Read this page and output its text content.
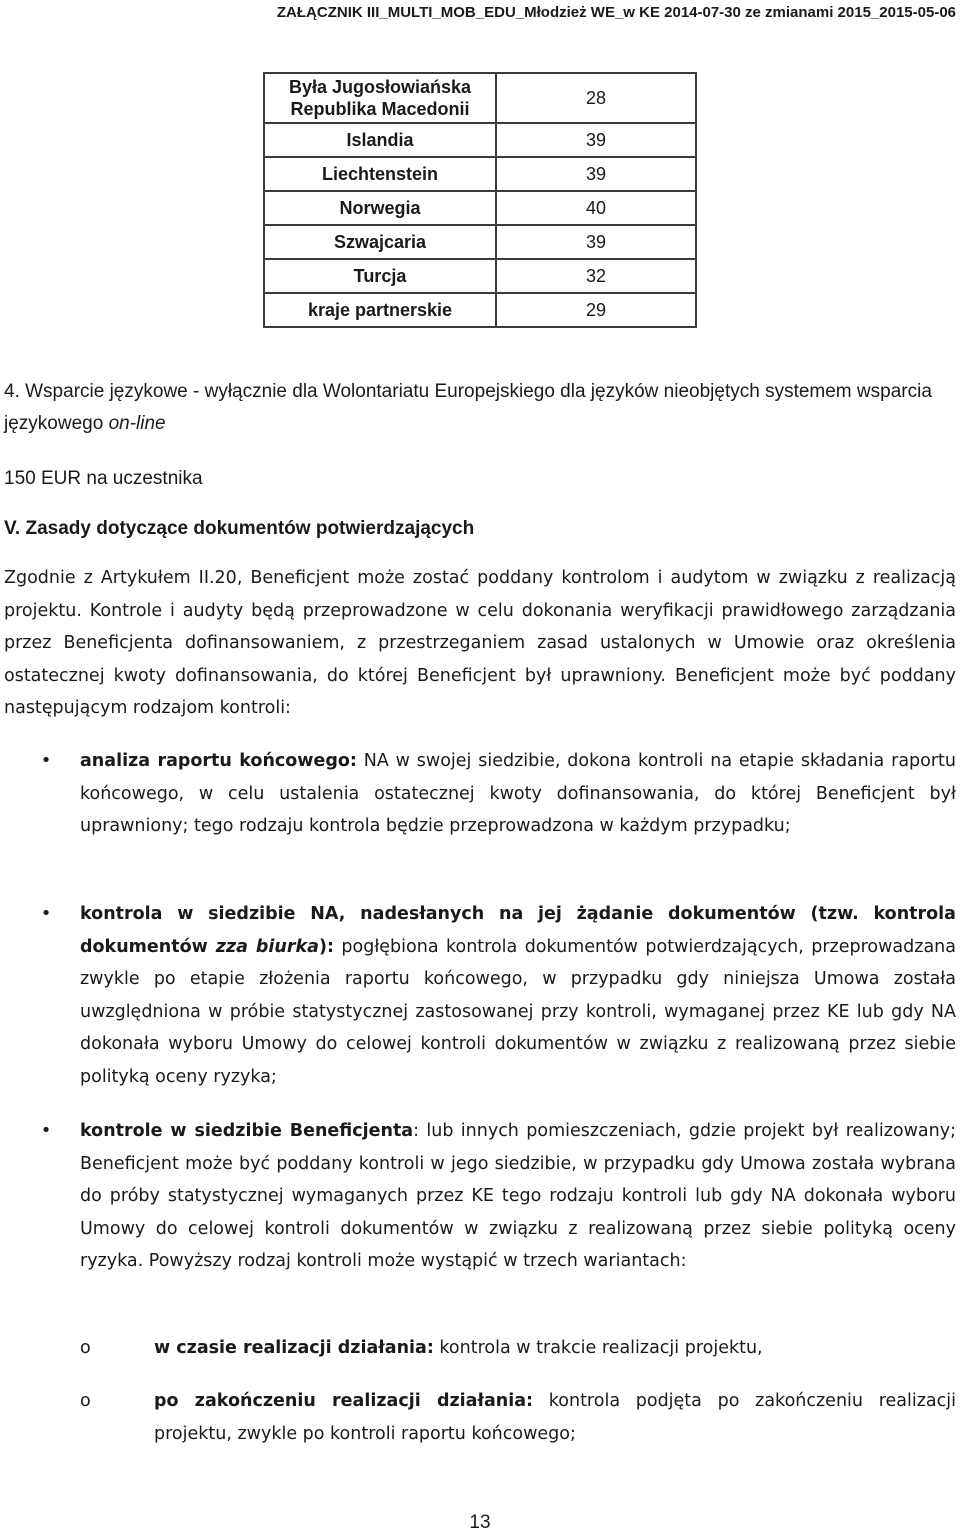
ZAŁĄCZNIK III_MULTI_MOB_EDU_Młodzież WE_w KE 2014-07-30 ze zmianami 2015_2015-05-06
Była Jugosłowiańska Republika Macedonii	28
Islandia	39
Liechtenstein	39
Norwegia	40
Szwajcaria	39
Turcja	32
kraje partnerskie	29
4. Wsparcie językowe - wyłącznie dla Wolontariatu Europejskiego dla języków nieobjętych systemem wsparcia językowego on-line
150 EUR na uczestnika
V. Zasady dotyczące dokumentów potwierdzających
Zgodnie z Artykułem II.20, Beneficjent może zostać poddany kontrolom i audytom w związku z realizacją projektu. Kontrole i audyty będą przeprowadzone w celu dokonania weryfikacji prawidłowego zarządzania przez Beneficjenta dofinansowaniem, z przestrzeganiem zasad ustalonych w Umowie oraz określenia ostatecznej kwoty dofinansowania, do której Beneficjent był uprawniony. Beneficjent może być poddany następującym rodzajom kontroli:
• analiza raportu końcowego: NA w swojej siedzibie, dokona kontroli na etapie składania raportu końcowego, w celu ustalenia ostatecznej kwoty dofinansowania, do której Beneficjent był uprawniony; tego rodzaju kontrola będzie przeprowadzona w każdym przypadku;
• kontrola w siedzibie NA, nadesłanych na jej żądanie dokumentów (tzw. kontrola dokumentów zza biurka): pogłębiona kontrola dokumentów potwierdzających, przeprowadzana zwykle po etapie złożenia raportu końcowego, w przypadku gdy niniejsza Umowa została uwzględniona w próbie statystycznej zastosowanej przy kontroli, wymaganej przez KE lub gdy NA dokonała wyboru Umowy do celowej kontroli dokumentów w związku z realizowaną przez siebie polityką oceny ryzyka;
• kontrole w siedzibie Beneficjenta: lub innych pomieszczeniach, gdzie projekt był realizowany; Beneficjent może być poddany kontroli w jego siedzibie, w przypadku gdy Umowa została wybrana do próby statystycznej wymaganych przez KE tego rodzaju kontroli lub gdy NA dokonała wyboru Umowy do celowej kontroli dokumentów w związku z realizowaną przez siebie polityką oceny ryzyka. Powyższy rodzaj kontroli może wystąpić w trzech wariantach:
o	w czasie realizacji działania: kontrola w trakcie realizacji projektu,
o	po zakończeniu realizacji działania: kontrola podjęta po zakończeniu realizacji projektu, zwykle po kontroli raportu końcowego;
13
